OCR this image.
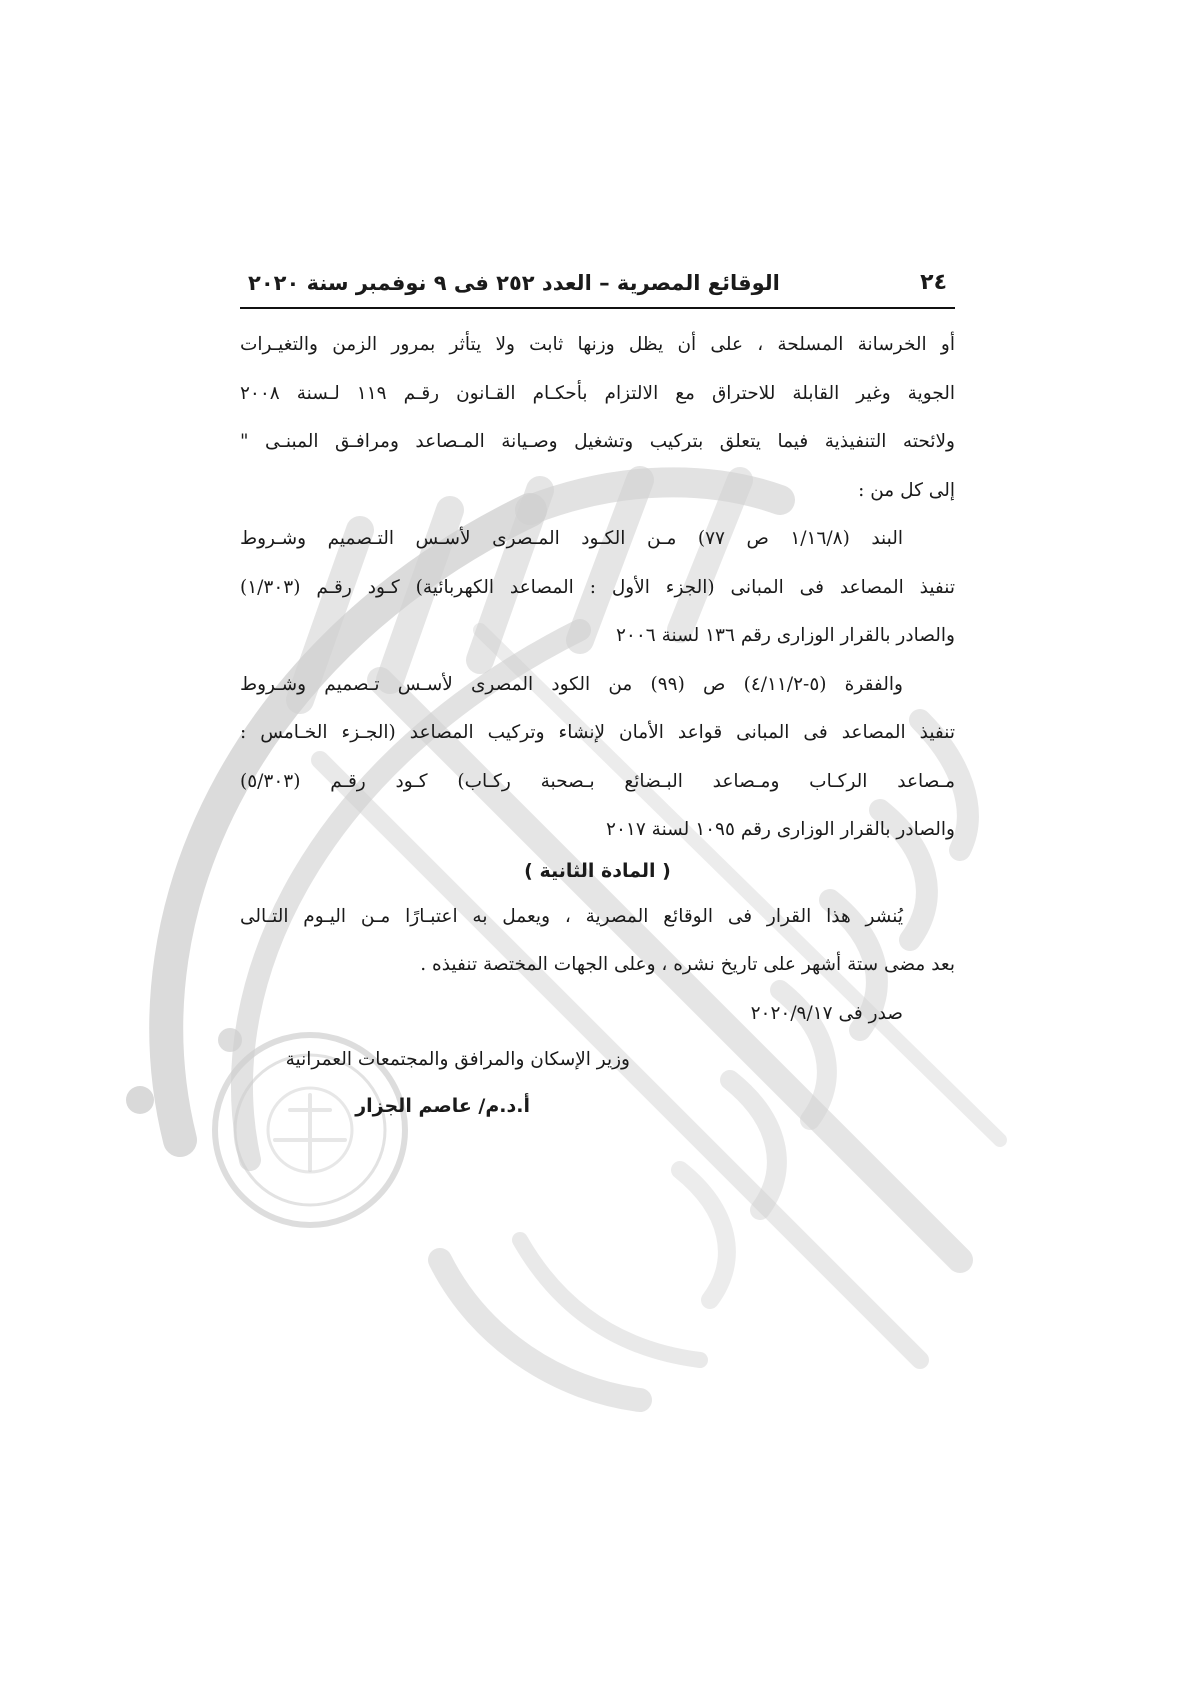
٢٤
الوقائع المصرية – العدد ٢٥٢ فى ٩ نوفمبر سنة ٢٠٢٠

أو الخرسانة المسلحة ، على أن يظل وزنها ثابت ولا يتأثر بمرور الزمن والتغيـرات
الجوية وغير القابلة للاحتراق مع الالتزام بأحكـام القـانون رقـم ١١٩ لـسنة ٢٠٠٨
ولائحته التنفيذية فيما يتعلق بتركيب وتشغيل وصـيانة المـصاعد ومرافـق المبنـى "
إلى كل من :

البند (١/١٦/٨ ص ٧٧) مـن الكـود المـصرى لأسـس التـصميم وشـروط
تنفيذ المصاعد فى المبانى (الجزء الأول : المصاعد الكهربائية) كـود رقـم (١/٣٠٣)
والصادر بالقرار الوزارى رقم ١٣٦ لسنة ٢٠٠٦

والفقرة (٥-٤/١١/٢) ص (٩٩) من الكود المصرى لأسـس تـصميم وشـروط
تنفيذ المصاعد فى المبانى قواعد الأمان لإنشاء وتركيب المصاعد (الجـزء الخـامس :
مـصاعد الركـاب ومـصاعد البـضائع بـصحبة ركـاب) كـود رقـم (٥/٣٠٣)
والصادر بالقرار الوزارى رقم ١٠٩٥ لسنة ٢٠١٧

( المادة الثانية )

يُنشر هذا القرار فى الوقائع المصرية ، ويعمل به اعتبـارًا مـن اليـوم التـالى
بعد مضى ستة أشهر على تاريخ نشره ، وعلى الجهات المختصة تنفيذه .

صدر فى ٢٠٢٠/٩/١٧
وزير الإسكان والمرافق والمجتمعات العمرانية
أ.د.م/ عاصم الجزار
